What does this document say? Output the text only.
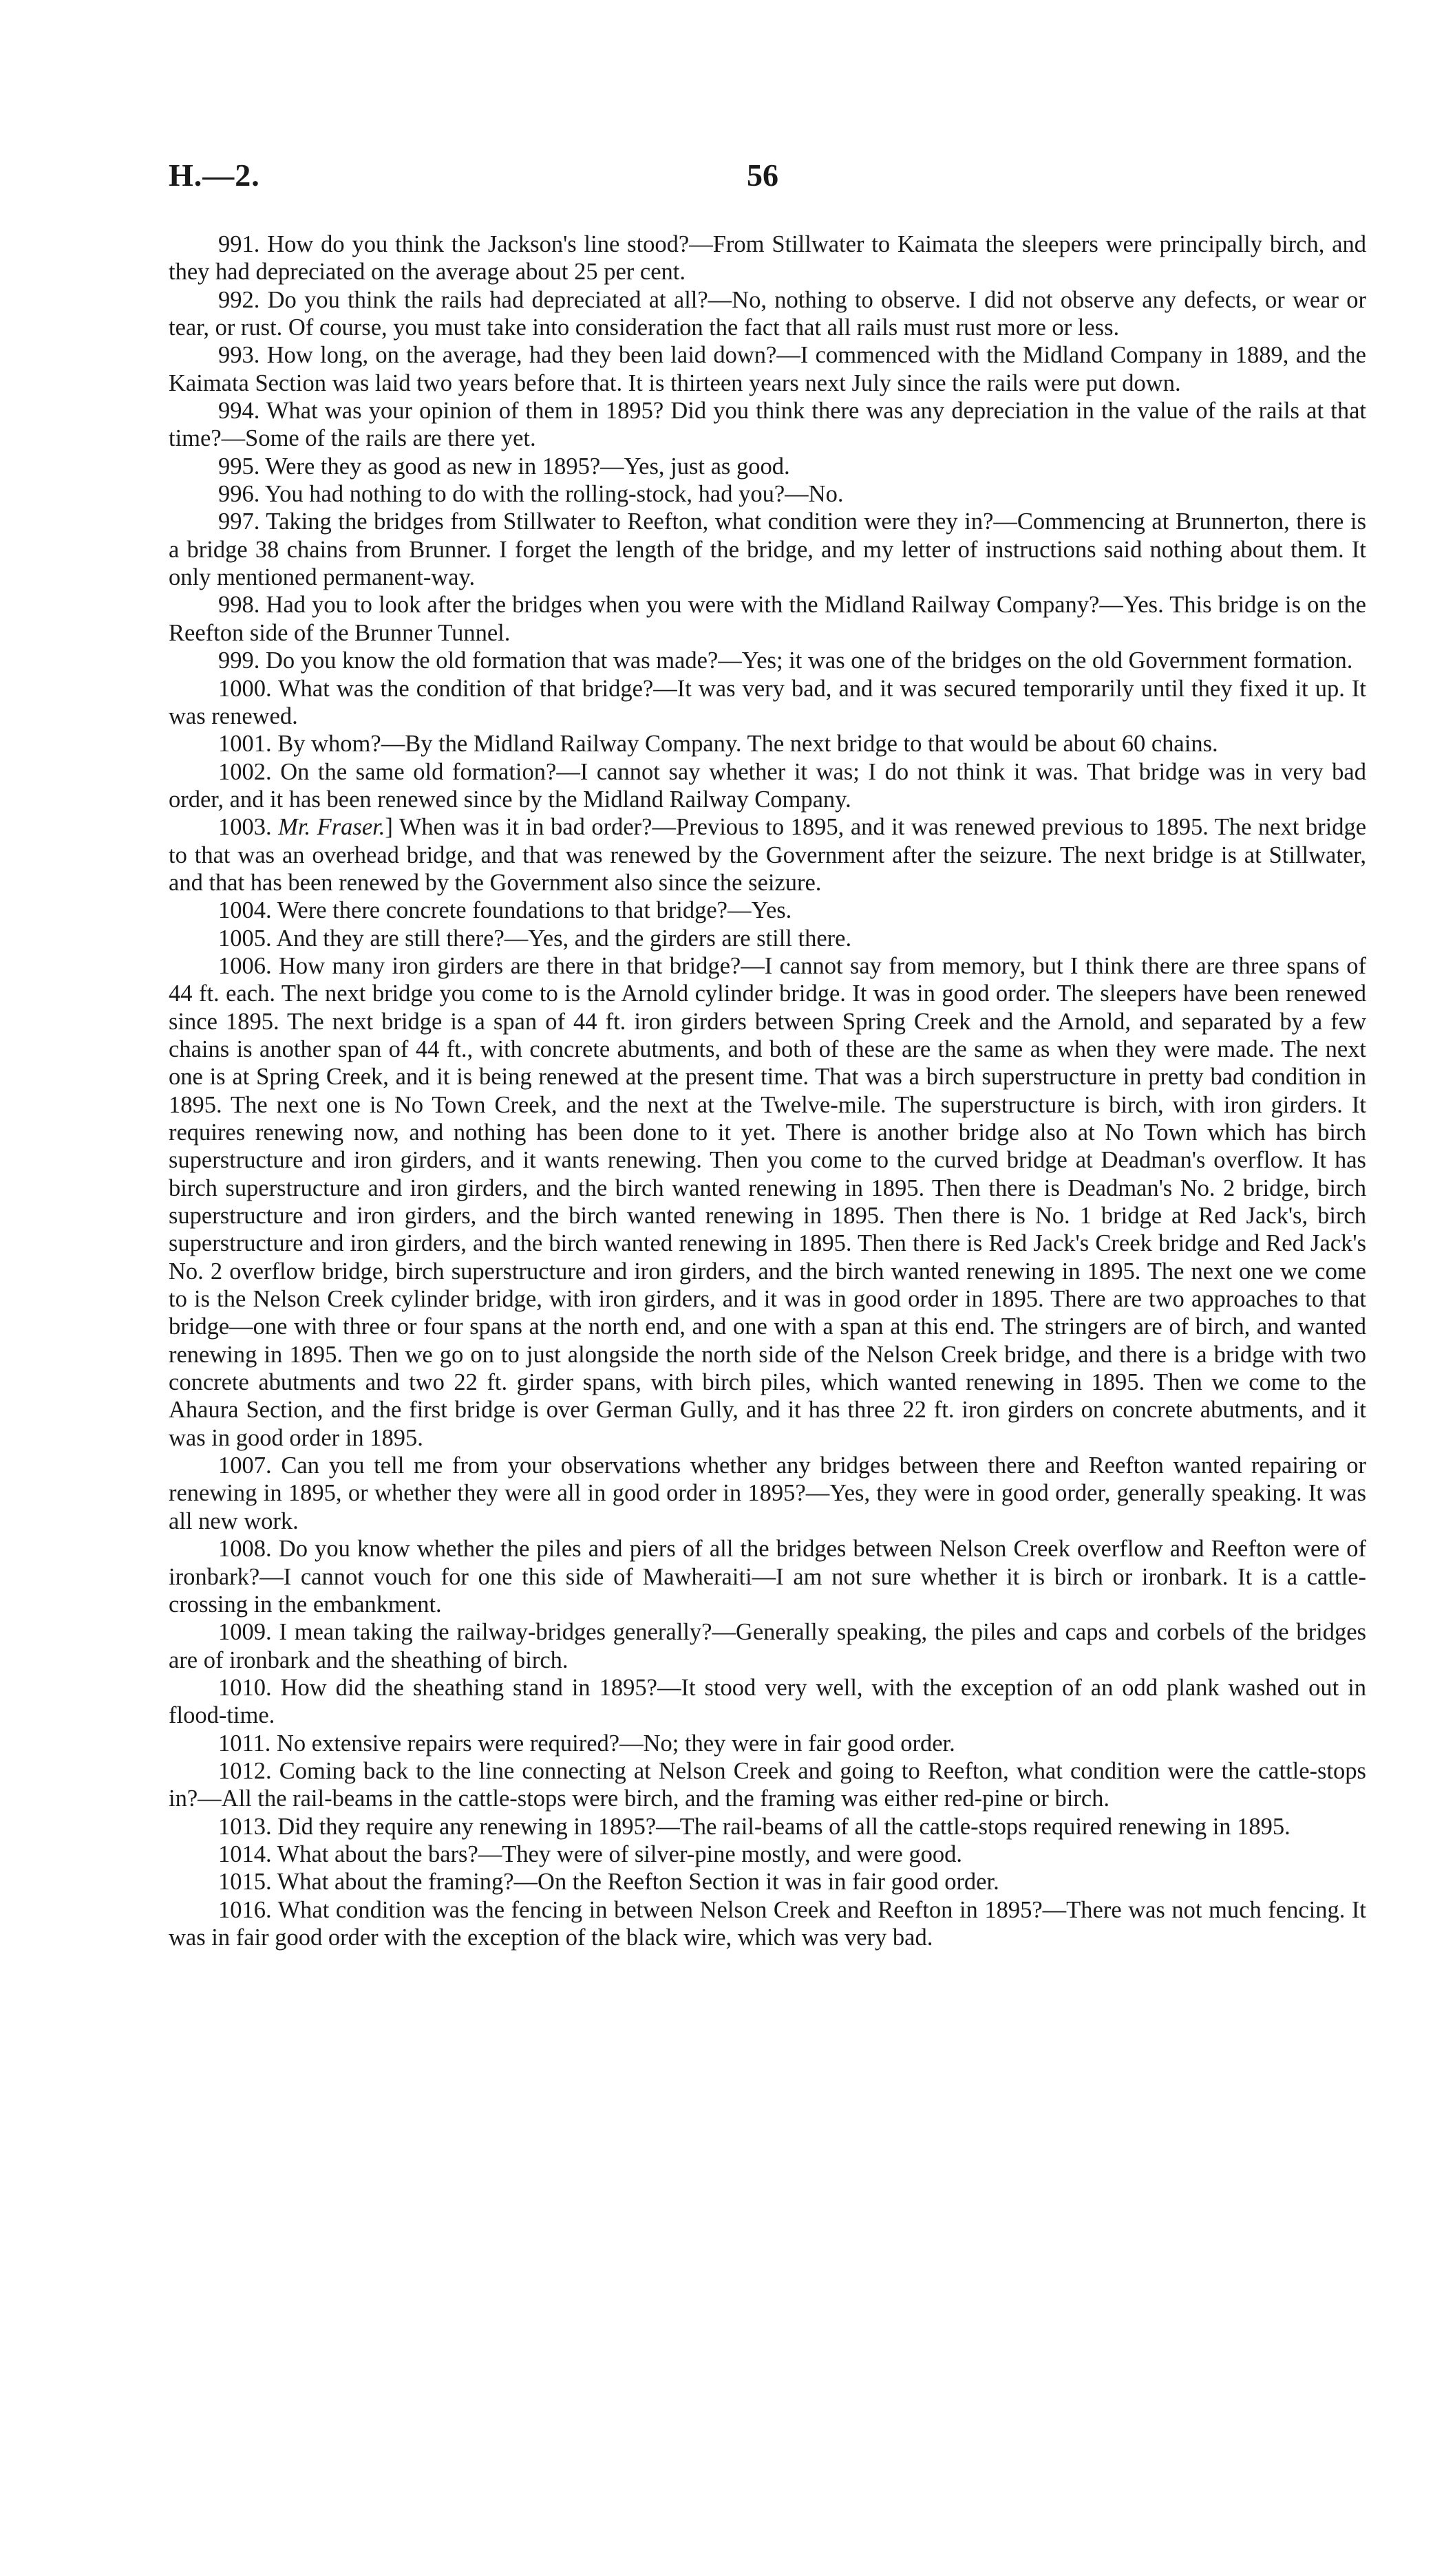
H.—2.	56

991. How do you think the Jackson's line stood?—From Stillwater to Kaimata the sleepers were principally birch, and they had depreciated on the average about 25 per cent.

992. Do you think the rails had depreciated at all?—No, nothing to observe. I did not observe any defects, or wear or tear, or rust. Of course, you must take into consideration the fact that all rails must rust more or less.

993. How long, on the average, had they been laid down?—I commenced with the Midland Company in 1889, and the Kaimata Section was laid two years before that. It is thirteen years next July since the rails were put down.

994. What was your opinion of them in 1895? Did you think there was any depreciation in the value of the rails at that time?—Some of the rails are there yet.

995. Were they as good as new in 1895?—Yes, just as good.

996. You had nothing to do with the rolling-stock, had you?—No.

997. Taking the bridges from Stillwater to Reefton, what condition were they in?—Commencing at Brunnerton, there is a bridge 38 chains from Brunner. I forget the length of the bridge, and my letter of instructions said nothing about them. It only mentioned permanent-way.

998. Had you to look after the bridges when you were with the Midland Railway Company?—Yes. This bridge is on the Reefton side of the Brunner Tunnel.

999. Do you know the old formation that was made?—Yes; it was one of the bridges on the old Government formation.

1000. What was the condition of that bridge?—It was very bad, and it was secured temporarily until they fixed it up. It was renewed.

1001. By whom?—By the Midland Railway Company. The next bridge to that would be about 60 chains.

1002. On the same old formation?—I cannot say whether it was; I do not think it was. That bridge was in very bad order, and it has been renewed since by the Midland Railway Company.

1003. Mr. Fraser.] When was it in bad order?—Previous to 1895, and it was renewed previous to 1895. The next bridge to that was an overhead bridge, and that was renewed by the Government after the seizure. The next bridge is at Stillwater, and that has been renewed by the Government also since the seizure.

1004. Were there concrete foundations to that bridge?—Yes.

1005. And they are still there?—Yes, and the girders are still there.

1006. How many iron girders are there in that bridge?—I cannot say from memory, but I think there are three spans of 44 ft. each. The next bridge you come to is the Arnold cylinder bridge. It was in good order. The sleepers have been renewed since 1895. The next bridge is a span of 44 ft. iron girders between Spring Creek and the Arnold, and separated by a few chains is another span of 44 ft., with concrete abutments, and both of these are the same as when they were made. The next one is at Spring Creek, and it is being renewed at the present time. That was a birch superstructure in pretty bad condition in 1895. The next one is No Town Creek, and the next at the Twelve-mile. The superstructure is birch, with iron girders. It requires renewing now, and nothing has been done to it yet. There is another bridge also at No Town which has birch superstructure and iron girders, and it wants renewing. Then you come to the curved bridge at Deadman's overflow. It has birch superstructure and iron girders, and the birch wanted renewing in 1895. Then there is Deadman's No. 2 bridge, birch superstructure and iron girders, and the birch wanted renewing in 1895. Then there is No. 1 bridge at Red Jack's, birch superstructure and iron girders, and the birch wanted renewing in 1895. Then there is Red Jack's Creek bridge and Red Jack's No. 2 overflow bridge, birch superstructure and iron girders, and the birch wanted renewing in 1895. The next one we come to is the Nelson Creek cylinder bridge, with iron girders, and it was in good order in 1895. There are two approaches to that bridge—one with three or four spans at the north end, and one with a span at this end. The stringers are of birch, and wanted renewing in 1895. Then we go on to just alongside the north side of the Nelson Creek bridge, and there is a bridge with two concrete abutments and two 22 ft. girder spans, with birch piles, which wanted renewing in 1895. Then we come to the Ahaura Section, and the first bridge is over German Gully, and it has three 22 ft. iron girders on concrete abutments, and it was in good order in 1895.

1007. Can you tell me from your observations whether any bridges between there and Reefton wanted repairing or renewing in 1895, or whether they were all in good order in 1895?—Yes, they were in good order, generally speaking. It was all new work.

1008. Do you know whether the piles and piers of all the bridges between Nelson Creek overflow and Reefton were of ironbark?—I cannot vouch for one this side of Mawheraiti—I am not sure whether it is birch or ironbark. It is a cattle-crossing in the embankment.

1009. I mean taking the railway-bridges generally?—Generally speaking, the piles and caps and corbels of the bridges are of ironbark and the sheathing of birch.

1010. How did the sheathing stand in 1895?—It stood very well, with the exception of an odd plank washed out in flood-time.

1011. No extensive repairs were required?—No; they were in fair good order.

1012. Coming back to the line connecting at Nelson Creek and going to Reefton, what condition were the cattle-stops in?—All the rail-beams in the cattle-stops were birch, and the framing was either red-pine or birch.

1013. Did they require any renewing in 1895?—The rail-beams of all the cattle-stops required renewing in 1895.

1014. What about the bars?—They were of silver-pine mostly, and were good.

1015. What about the framing?—On the Reefton Section it was in fair good order.

1016. What condition was the fencing in between Nelson Creek and Reefton in 1895?—There was not much fencing. It was in fair good order with the exception of the black wire, which was very bad.
